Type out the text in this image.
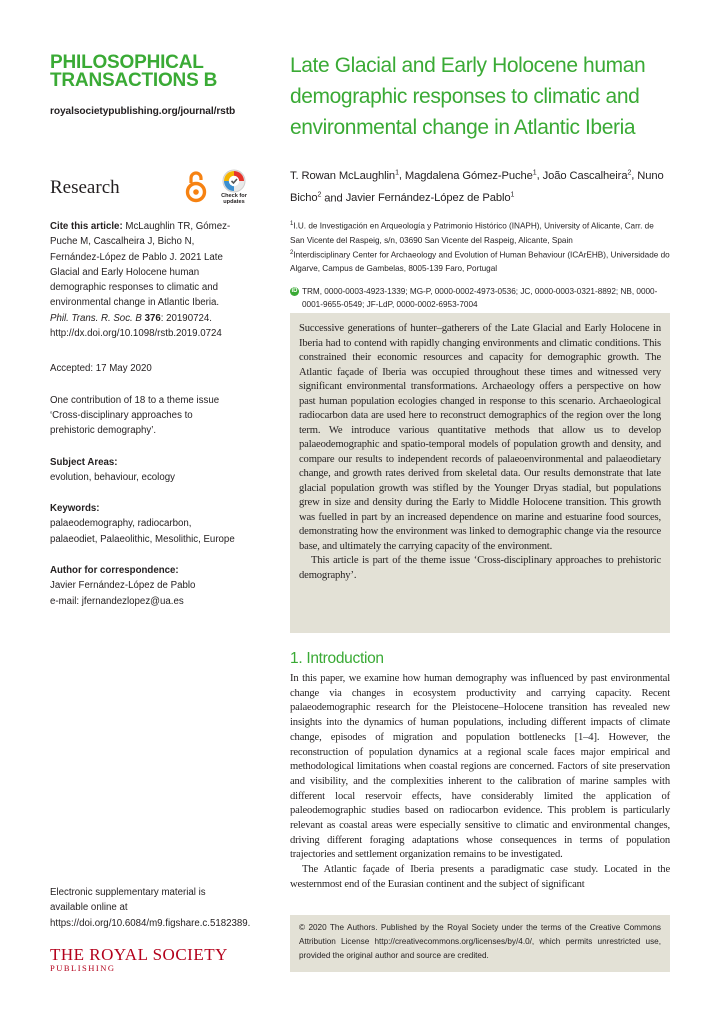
PHILOSOPHICAL
TRANSACTIONS B
royalsocietypublishing.org/journal/rstb
Research	Check for
updates
Cite this article: McLaughlin TR, Gómez-Puche M, Cascalheira J, Bicho N, Fernández-López de Pablo J. 2021 Late Glacial and Early Holocene human demographic responses to climatic and environmental change in Atlantic Iberia. Phil. Trans. R. Soc. B 376: 20190724. http://dx.doi.org/10.1098/rstb.2019.0724
Accepted: 17 May 2020
One contribution of 18 to a theme issue ‘Cross-disciplinary approaches to prehistoric demography’.
Subject Areas:
evolution, behaviour, ecology
Keywords:
palaeodemography, radiocarbon, palaeodiet, Palaeolithic, Mesolithic, Europe
Author for correspondence:
Javier Fernández-López de Pablo
e-mail: jfernandezlopez@ua.es
Electronic supplementary material is available online at https://doi.org/10.6084/m9.figshare.c.5182389.
THE ROYAL SOCIETY
PUBLISHING
Late Glacial and Early Holocene human demographic responses to climatic and environmental change in Atlantic Iberia
T. Rowan McLaughlin$^1$, Magdalena Gómez-Puche$^1$, João Cascalheira$^2$, Nuno Bicho$^2$ and Javier Fernández-López de Pablo$^1$
$^1$I.U. de Investigación en Arqueología y Patrimonio Histórico (INAPH), University of Alicante, Carr. de San Vicente del Raspeig, s/n, 03690 San Vicente del Raspeig, Alicante, Spain
$^2$Interdisciplinary Center for Archaeology and Evolution of Human Behaviour (ICArEHB), Universidade do Algarve, Campus de Gambelas, 8005-139 Faro, Portugal
iD TRM, 0000-0003-4923-1339; MG-P, 0000-0002-4973-0536; JC, 0000-0003-0321-8892; NB, 0000-0001-9655-0549; JF-LdP, 0000-0002-6953-7004

Successive generations of hunter–gatherers of the Late Glacial and Early Holocene in Iberia had to contend with rapidly changing environments and climatic conditions. This constrained their economic resources and capacity for demographic growth. The Atlantic façade of Iberia was occupied throughout these times and witnessed very significant environmental transformations. Archaeology offers a perspective on how past human population ecologies changed in response to this scenario. Archaeological radiocarbon data are used here to reconstruct demographics of the region over the long term. We introduce various quantitative methods that allow us to develop palaeodemographic and spatio-temporal models of population growth and density, and compare our results to independent records of palaeoenvironmental and palaeodietary change, and growth rates derived from skeletal data. Our results demonstrate that late glacial population growth was stifled by the Younger Dryas stadial, but populations grew in size and density during the Early to Middle Holocene transition. This growth was fuelled in part by an increased dependence on marine and estuarine food sources, demonstrating how the environment was linked to demographic change via the resource base, and ultimately the carrying capacity of the environment.

This article is part of the theme issue ‘Cross-disciplinary approaches to prehistoric demography’.

1. Introduction

In this paper, we examine how human demography was influenced by past environmental change via changes in ecosystem productivity and carrying capacity. Recent palaeodemographic research for the Pleistocene–Holocene transition has revealed new insights into the dynamics of human populations, including different impacts of climate change, episodes of migration and population bottlenecks [1–4]. However, the reconstruction of population dynamics at a regional scale faces major empirical and methodological limitations when coastal regions are concerned. Factors of site preservation and visibility, and the complexities inherent to the calibration of marine samples with different local reservoir effects, have considerably limited the application of paleodemographic studies based on radiocarbon evidence. This problem is particularly relevant as coastal areas were especially sensitive to climatic and environmental changes, driving different foraging adaptations whose consequences in terms of population trajectories and settlement organization remains to be investigated.

The Atlantic façade of Iberia presents a paradigmatic case study. Located in the westernmost end of the Eurasian continent and the subject of significant

© 2020 The Authors. Published by the Royal Society under the terms of the Creative Commons Attribution License http://creativecommons.org/licenses/by/4.0/, which permits unrestricted use, provided the original author and source are credited.
